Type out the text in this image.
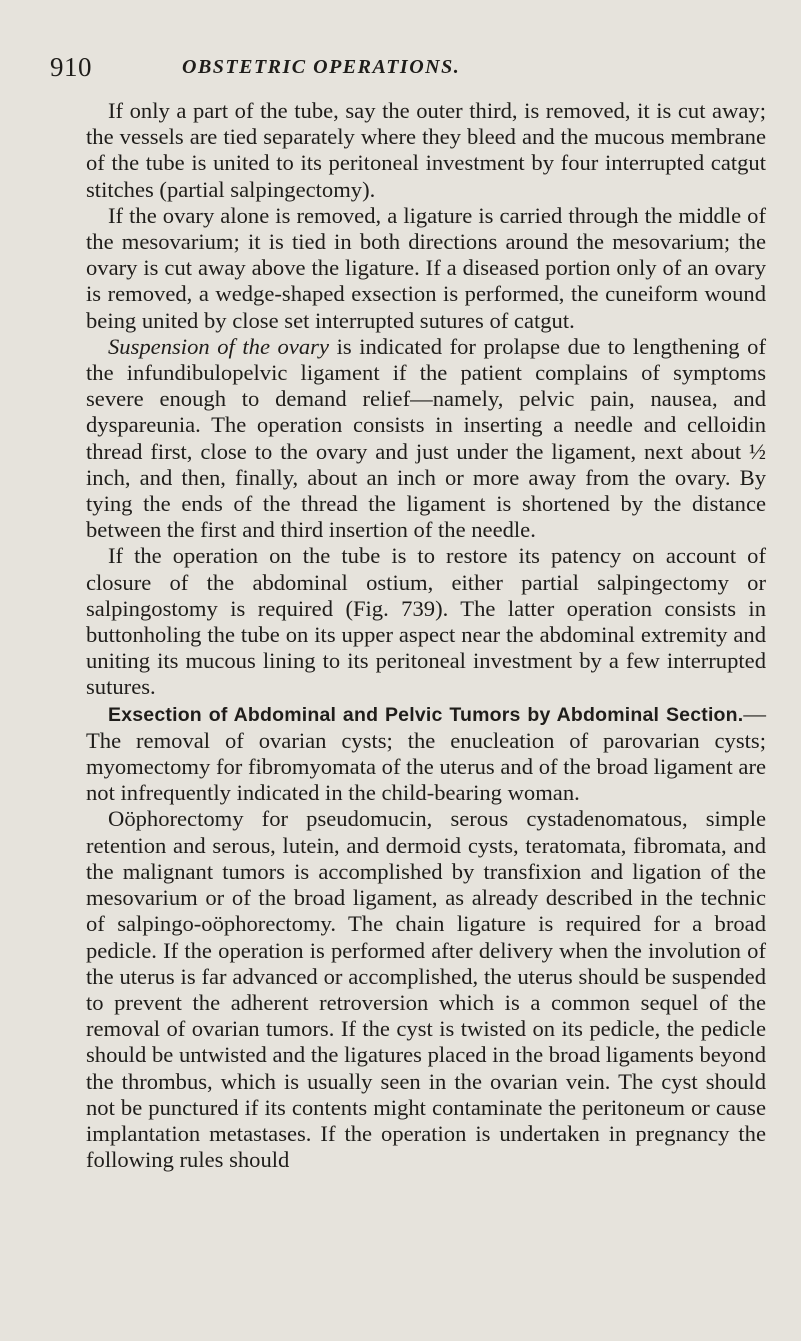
910	OBSTETRIC OPERATIONS.

If only a part of the tube, say the outer third, is removed, it is cut away; the vessels are tied separately where they bleed and the mucous membrane of the tube is united to its peritoneal investment by four interrupted catgut stitches (partial salpingectomy).

If the ovary alone is removed, a ligature is carried through the middle of the mesovarium; it is tied in both directions around the mesovarium; the ovary is cut away above the ligature. If a diseased portion only of an ovary is removed, a wedge-shaped exsection is performed, the cuneiform wound being united by close set interrupted sutures of catgut.

Suspension of the ovary is indicated for prolapse due to lengthening of the infundibulopelvic ligament if the patient complains of symptoms severe enough to demand relief—namely, pelvic pain, nausea, and dyspareunia. The operation consists in inserting a needle and celloidin thread first, close to the ovary and just under the ligament, next about ½ inch, and then, finally, about an inch or more away from the ovary. By tying the ends of the thread the ligament is shortened by the distance between the first and third insertion of the needle.

If the operation on the tube is to restore its patency on account of closure of the abdominal ostium, either partial salpingectomy or salpingostomy is required (Fig. 739). The latter operation consists in buttonholing the tube on its upper aspect near the abdominal extremity and uniting its mucous lining to its peritoneal investment by a few interrupted sutures.

Exsection of Abdominal and Pelvic Tumors by Abdominal Section.—The removal of ovarian cysts; the enucleation of parovarian cysts; myomectomy for fibromyomata of the uterus and of the broad ligament are not infrequently indicated in the child-bearing woman.

Oöphorectomy for pseudomucin, serous cystadenomatous, simple retention and serous, lutein, and dermoid cysts, teratomata, fibromata, and the malignant tumors is accomplished by transfixion and ligation of the mesovarium or of the broad ligament, as already described in the technic of salpingo-oöphorectomy. The chain ligature is required for a broad pedicle. If the operation is performed after delivery when the involution of the uterus is far advanced or accomplished, the uterus should be suspended to prevent the adherent retroversion which is a common sequel of the removal of ovarian tumors. If the cyst is twisted on its pedicle, the pedicle should be untwisted and the ligatures placed in the broad ligaments beyond the thrombus, which is usually seen in the ovarian vein. The cyst should not be punctured if its contents might contaminate the peritoneum or cause implantation metastases. If the operation is undertaken in pregnancy the following rules should
